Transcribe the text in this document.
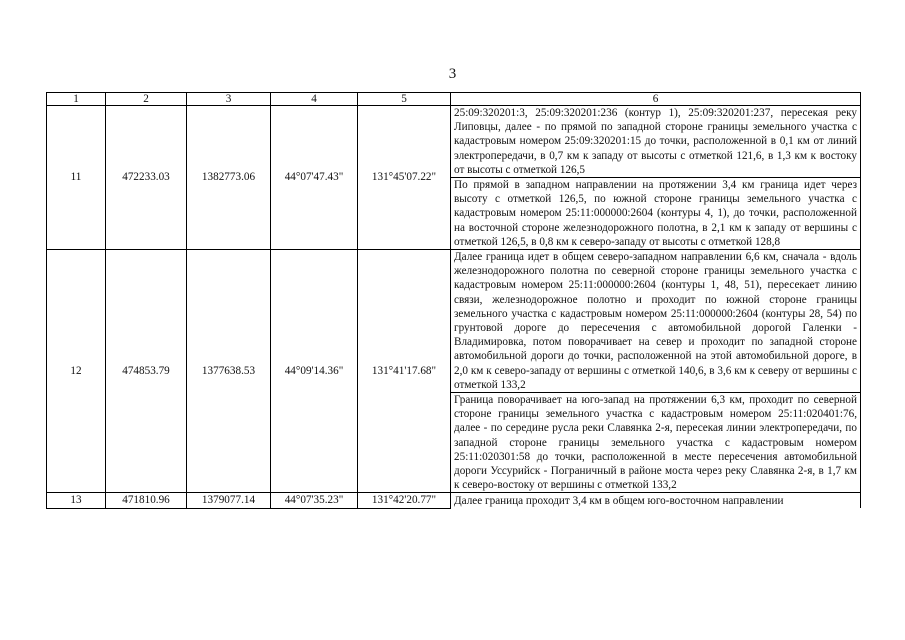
3
1	2	3	4	5	6
11	472233.03	1382773.06	44°07'47.43"	131°45'07.22"	25:09:320201:3, 25:09:320201:236 (контур 1), 25:09:320201:237, пересекая реку Липовцы, далее - по прямой по западной стороне границы земельного участка с кадастровым номером 25:09:320201:15 до точки, расположенной в 0,1 км от линий электропередачи, в 0,7 км к западу от высоты с отметкой 121,6, в 1,3 км к востоку от высоты с отметкой 126,5

					По прямой в западном направлении на протяжении 3,4 км граница идет через высоту с отметкой 126,5, по южной стороне границы земельного участка с кадастровым номером 25:11:000000:2604 (контуры 4, 1), до точки, расположенной на восточной стороне железнодорожного полотна, в 2,1 км к западу от вершины с отметкой 126,5, в 0,8 км к северо-западу от высоты с отметкой 128,8

12	474853.79	1377638.53	44°09'14.36"	131°41'17.68"	Далее граница идет в общем северо-западном направлении 6,6 км, сначала - вдоль железнодорожного полотна по северной стороне границы земельного участка с кадастровым номером 25:11:000000:2604 (контуры 1, 48, 51), пересекает линию связи, железнодорожное полотно и проходит по южной стороне границы земельного участка с кадастровым номером 25:11:000000:2604 (контуры 28, 54) по грунтовой дороге до пересечения с автомобильной дорогой Галенки - Владимировка, потом поворачивает на север и проходит по западной стороне автомобильной дороги до точки, расположенной на этой автомобильной дороге, в 2,0 км к северо-западу от вершины с отметкой 140,6, в 3,6 км к северу от вершины с отметкой 133,2

					Граница поворачивает на юго-запад на протяжении 6,3 км, проходит по северной стороне границы земельного участка с кадастровым номером 25:11:020401:76, далее - по середине русла реки Славянка 2-я, пересекая линии электропередачи, по западной стороне границы земельного участка с кадастровым номером 25:11:020301:58 до точки, расположенной в месте пересечения автомобильной дороги Уссурийск - Пограничный в районе моста через реку Славянка 2-я, в 1,7 км к северо-востоку от вершины с отметкой 133,2

13	471810.96	1379077.14	44°07'35.23"	131°42'20.77"	Далее граница проходит 3,4 км в общем юго-восточном направлении
